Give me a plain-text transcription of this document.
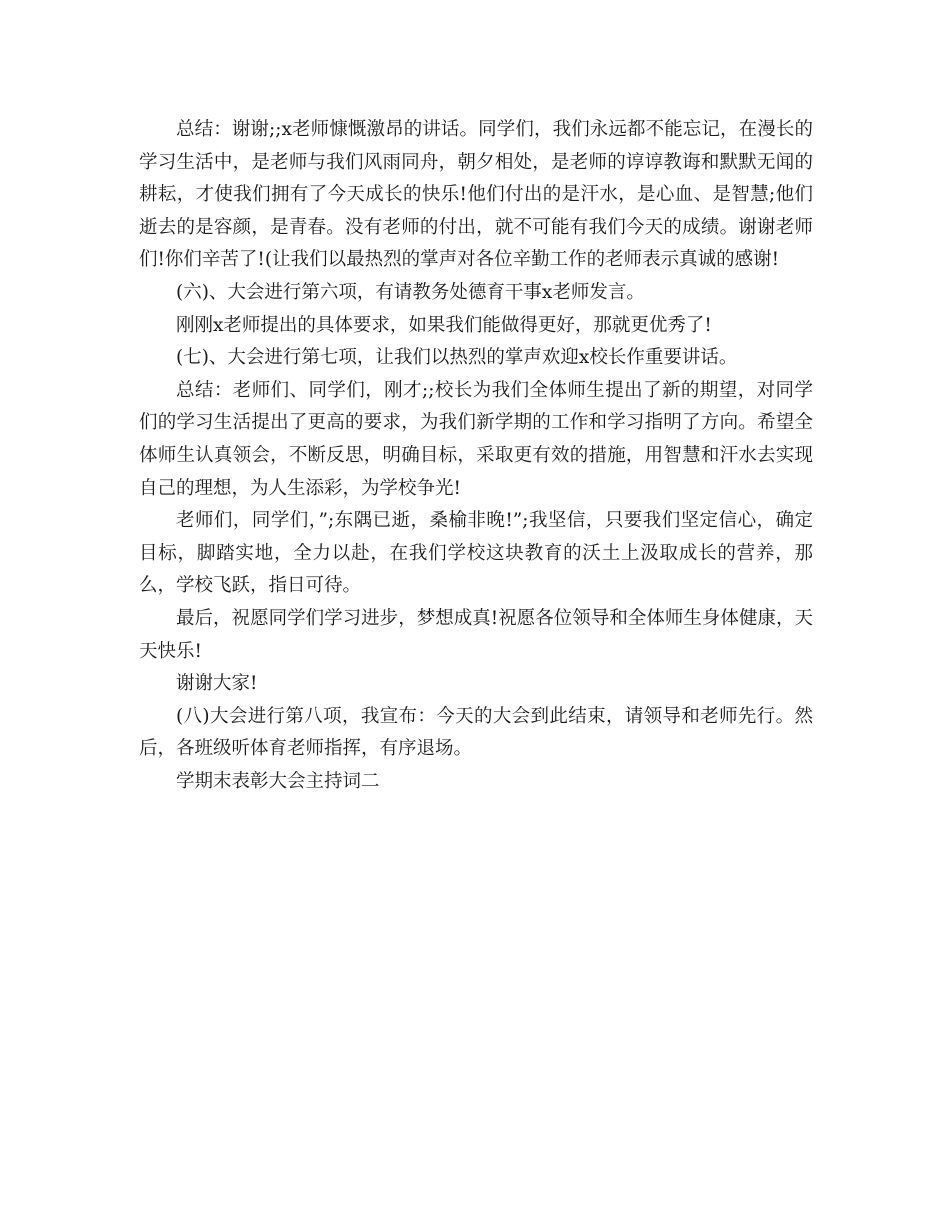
总结：谢谢;;x老师慷慨激昂的讲话。同学们，我们永远都不能忘记，在漫长的学习生活中，是老师与我们风雨同舟，朝夕相处，是老师的谆谆教诲和默默无闻的耕耘，才使我们拥有了今天成长的快乐!他们付出的是汗水，是心血、是智慧;他们逝去的是容颜，是青春。没有老师的付出，就不可能有我们今天的成绩。谢谢老师们!你们辛苦了!(让我们以最热烈的掌声对各位辛勤工作的老师表示真诚的感谢!

(六)、大会进行第六项，有请教务处德育干事x老师发言。

刚刚x老师提出的具体要求，如果我们能做得更好，那就更优秀了!

(七)、大会进行第七项，让我们以热烈的掌声欢迎x校长作重要讲话。

总结：老师们、同学们，刚才;;校长为我们全体师生提出了新的期望，对同学们的学习生活提出了更高的要求，为我们新学期的工作和学习指明了方向。希望全体师生认真领会，不断反思，明确目标，采取更有效的措施，用智慧和汗水去实现自己的理想，为人生添彩，为学校争光!

老师们，同学们，”;东隅已逝，桑榆非晚!”;我坚信，只要我们坚定信心，确定目标，脚踏实地，全力以赴，在我们学校这块教育的沃土上汲取成长的营养，那么，学校飞跃，指日可待。

最后，祝愿同学们学习进步，梦想成真!祝愿各位领导和全体师生身体健康，天天快乐!

谢谢大家!

(八)大会进行第八项，我宣布：今天的大会到此结束，请领导和老师先行。然后，各班级听体育老师指挥，有序退场。

学期末表彰大会主持词二
